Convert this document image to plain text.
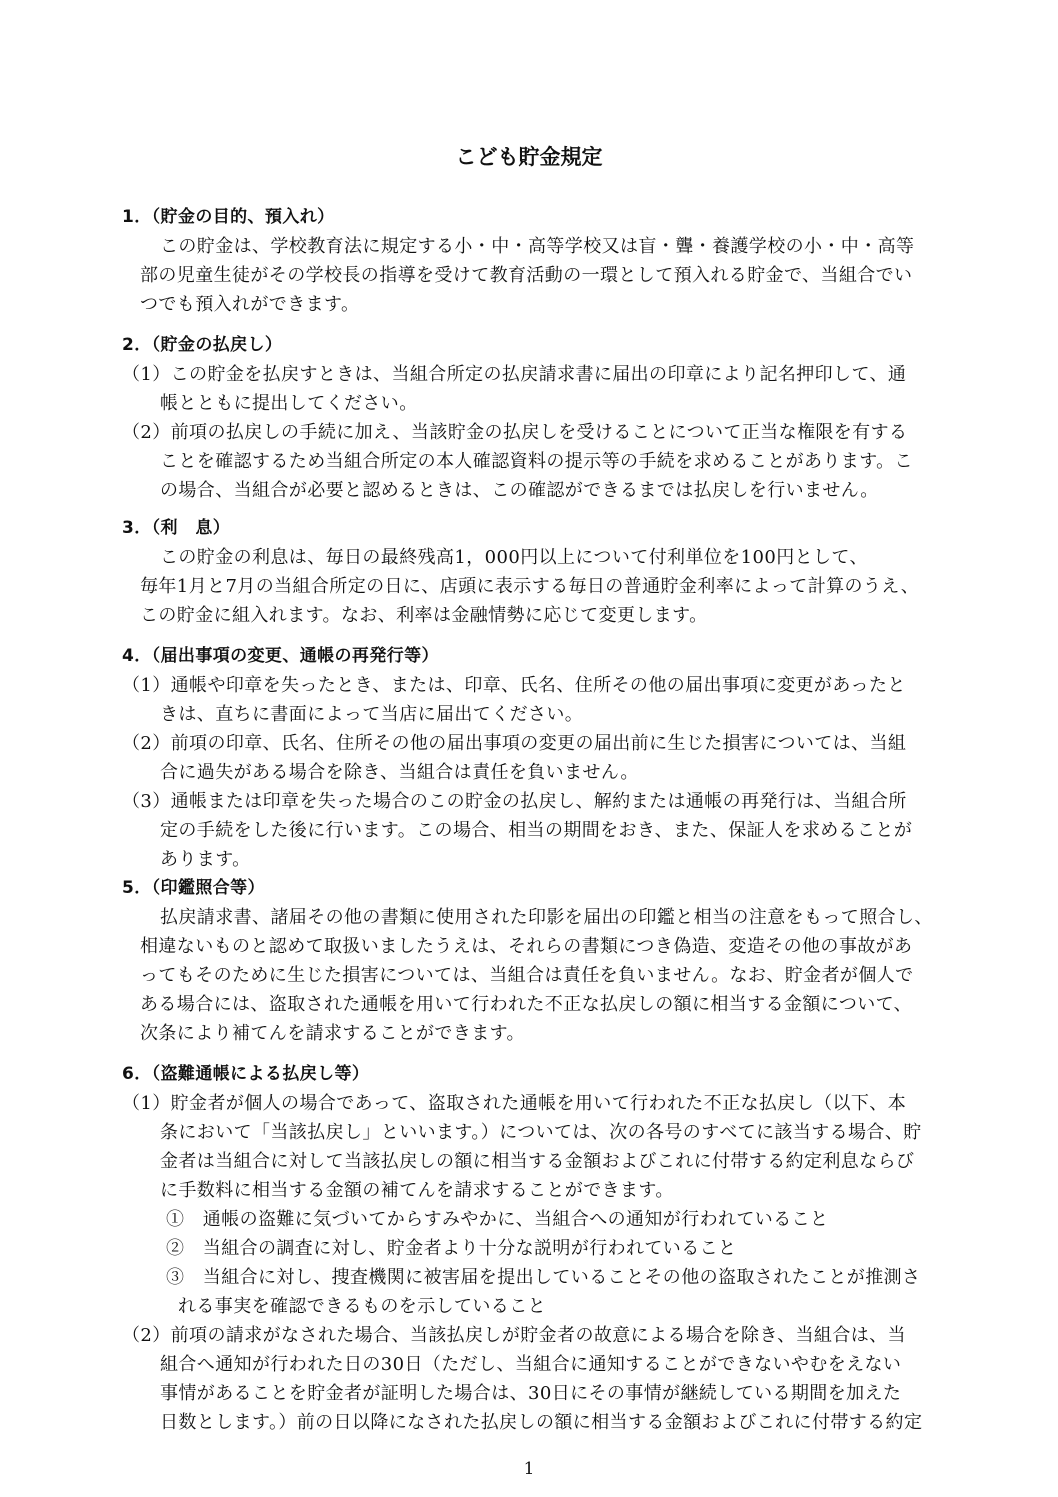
こども貯金規定
1．（貯金の目的、預入れ）
この貯金は、学校教育法に規定する小・中・高等学校又は盲・聾・養護学校の小・中・高等
部の児童生徒がその学校長の指導を受けて教育活動の一環として預入れる貯金で、当組合でい
つでも預入れができます。
2．（貯金の払戻し）
（1）この貯金を払戻すときは、当組合所定の払戻請求書に届出の印章により記名押印して、通
帳とともに提出してください。
（2）前項の払戻しの手続に加え、当該貯金の払戻しを受けることについて正当な権限を有する
ことを確認するため当組合所定の本人確認資料の提示等の手続を求めることがあります。こ
の場合、当組合が必要と認めるときは、この確認ができるまでは払戻しを行いません。
3．（利　息）
この貯金の利息は、毎日の最終残高1，000円以上について付利単位を100円として、
毎年1月と7月の当組合所定の日に、店頭に表示する毎日の普通貯金利率によって計算のうえ、
この貯金に組入れます。なお、利率は金融情勢に応じて変更します。
4．（届出事項の変更、通帳の再発行等）
（1）通帳や印章を失ったとき、または、印章、氏名、住所その他の届出事項に変更があったと
きは、直ちに書面によって当店に届出てください。
（2）前項の印章、氏名、住所その他の届出事項の変更の届出前に生じた損害については、当組
合に過失がある場合を除き、当組合は責任を負いません。
（3）通帳または印章を失った場合のこの貯金の払戻し、解約または通帳の再発行は、当組合所
定の手続をした後に行います。この場合、相当の期間をおき、また、保証人を求めることが
あります。
5．（印鑑照合等）
払戻請求書、諸届その他の書類に使用された印影を届出の印鑑と相当の注意をもって照合し、
相違ないものと認めて取扱いましたうえは、それらの書類につき偽造、変造その他の事故があ
ってもそのために生じた損害については、当組合は責任を負いません。なお、貯金者が個人で
ある場合には、盗取された通帳を用いて行われた不正な払戻しの額に相当する金額について、
次条により補てんを請求することができます。
6．（盗難通帳による払戻し等）
（1）貯金者が個人の場合であって、盗取された通帳を用いて行われた不正な払戻し（以下、本
条において「当該払戻し」といいます。）については、次の各号のすべてに該当する場合、貯
金者は当組合に対して当該払戻しの額に相当する金額およびこれに付帯する約定利息ならび
に手数料に相当する金額の補てんを請求することができます。
①　通帳の盗難に気づいてからすみやかに、当組合への通知が行われていること
②　当組合の調査に対し、貯金者より十分な説明が行われていること
③　当組合に対し、捜査機関に被害届を提出していることその他の盗取されたことが推測さ
れる事実を確認できるものを示していること
（2）前項の請求がなされた場合、当該払戻しが貯金者の故意による場合を除き、当組合は、当
組合へ通知が行われた日の30日（ただし、当組合に通知することができないやむをえない
事情があることを貯金者が証明した場合は、30日にその事情が継続している期間を加えた
日数とします。）前の日以降になされた払戻しの額に相当する金額およびこれに付帯する約定
1
